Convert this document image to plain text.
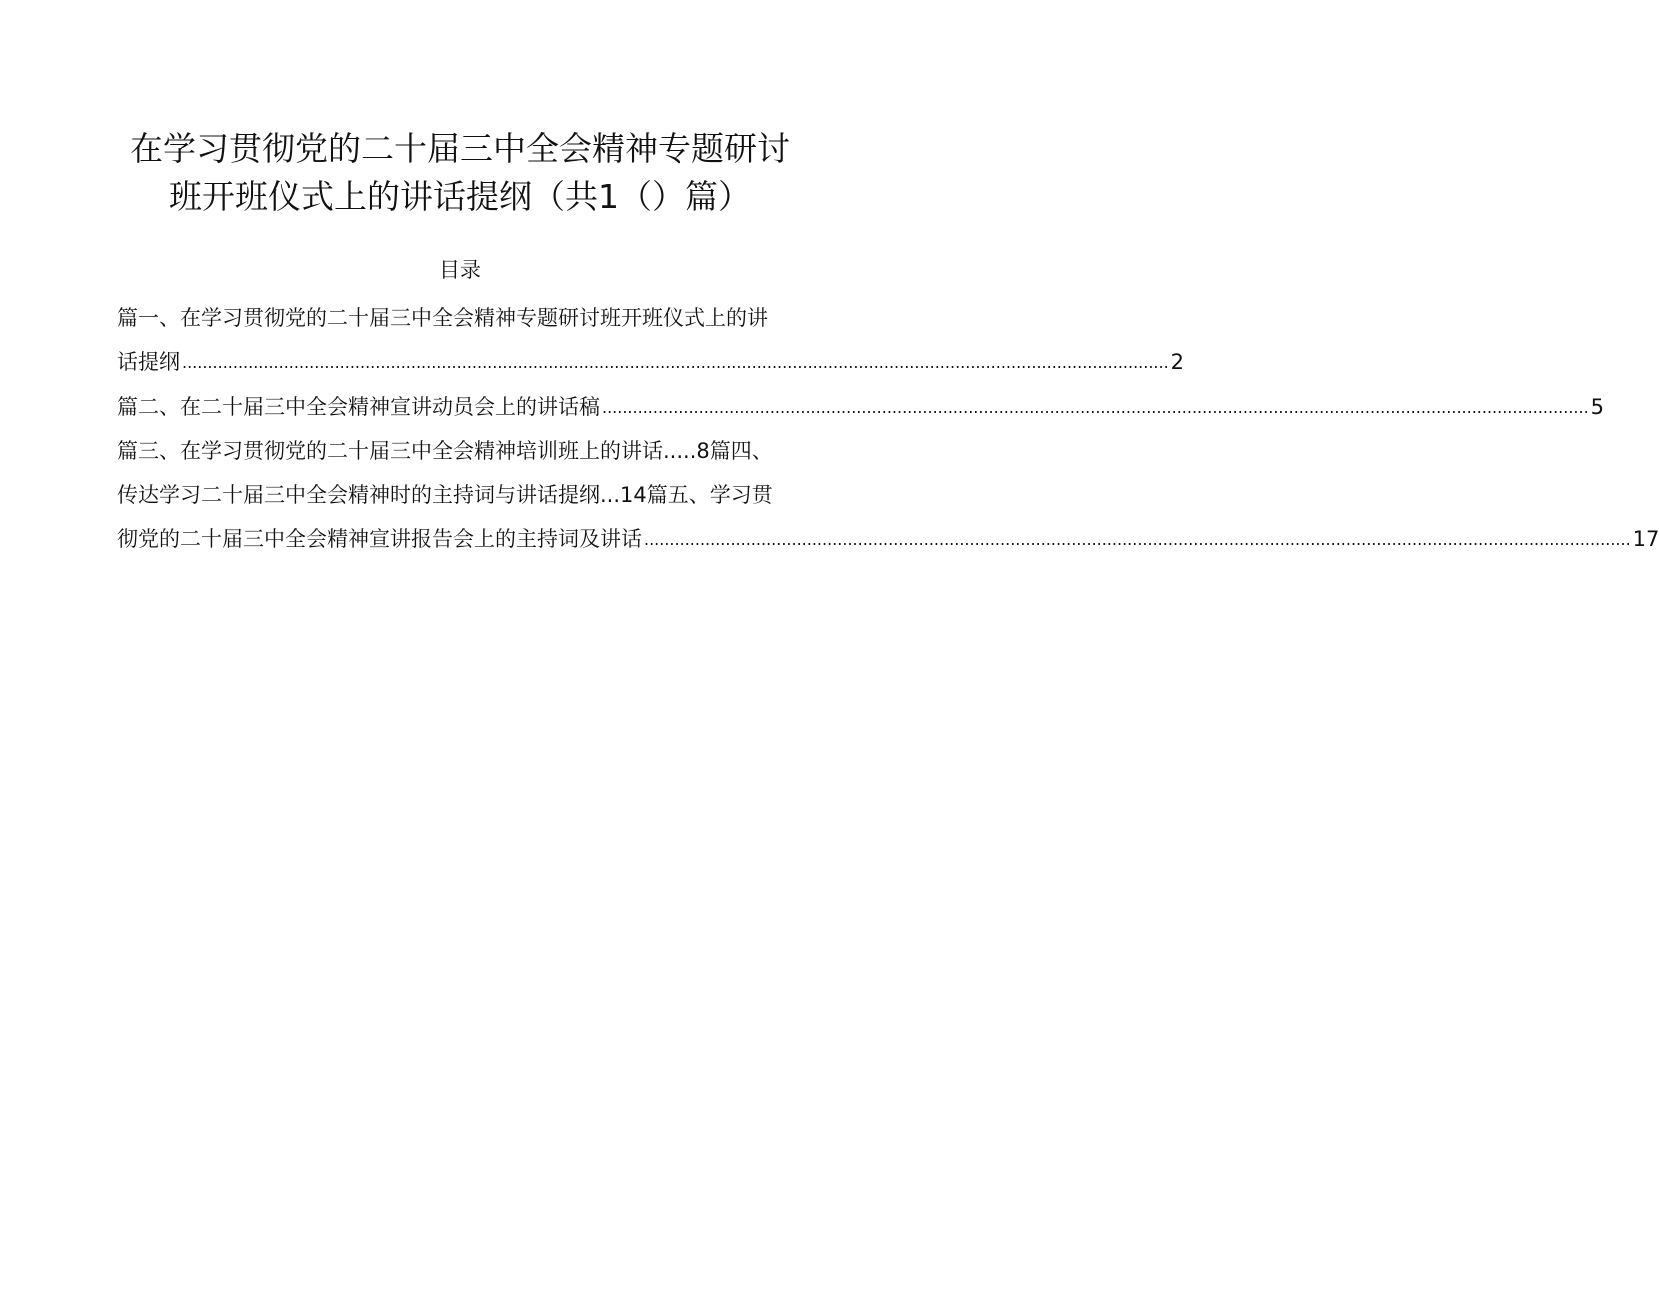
在学习贯彻党的二十届三中全会精神专题研讨
班开班仪式上的讲话提纲（共1（）篇）
目录
篇一、在学习贯彻党的二十届三中全会精神专题研讨班开班仪式上的讲
话提纲 .................................................................................................................................................................................................. 2
篇二、在二十届三中全会精神宣讲动员会上的讲话稿 .................................................................................................................................................................................................. 5
篇三、在学习贯彻党的二十届三中全会精神培训班上的讲话.....8篇四、
传达学习二十届三中全会精神时的主持词与讲话提纲...14篇五、学习贯
彻党的二十届三中全会精神宣讲报告会上的主持词及讲话 .................................................................................................................................................................................................. 17
